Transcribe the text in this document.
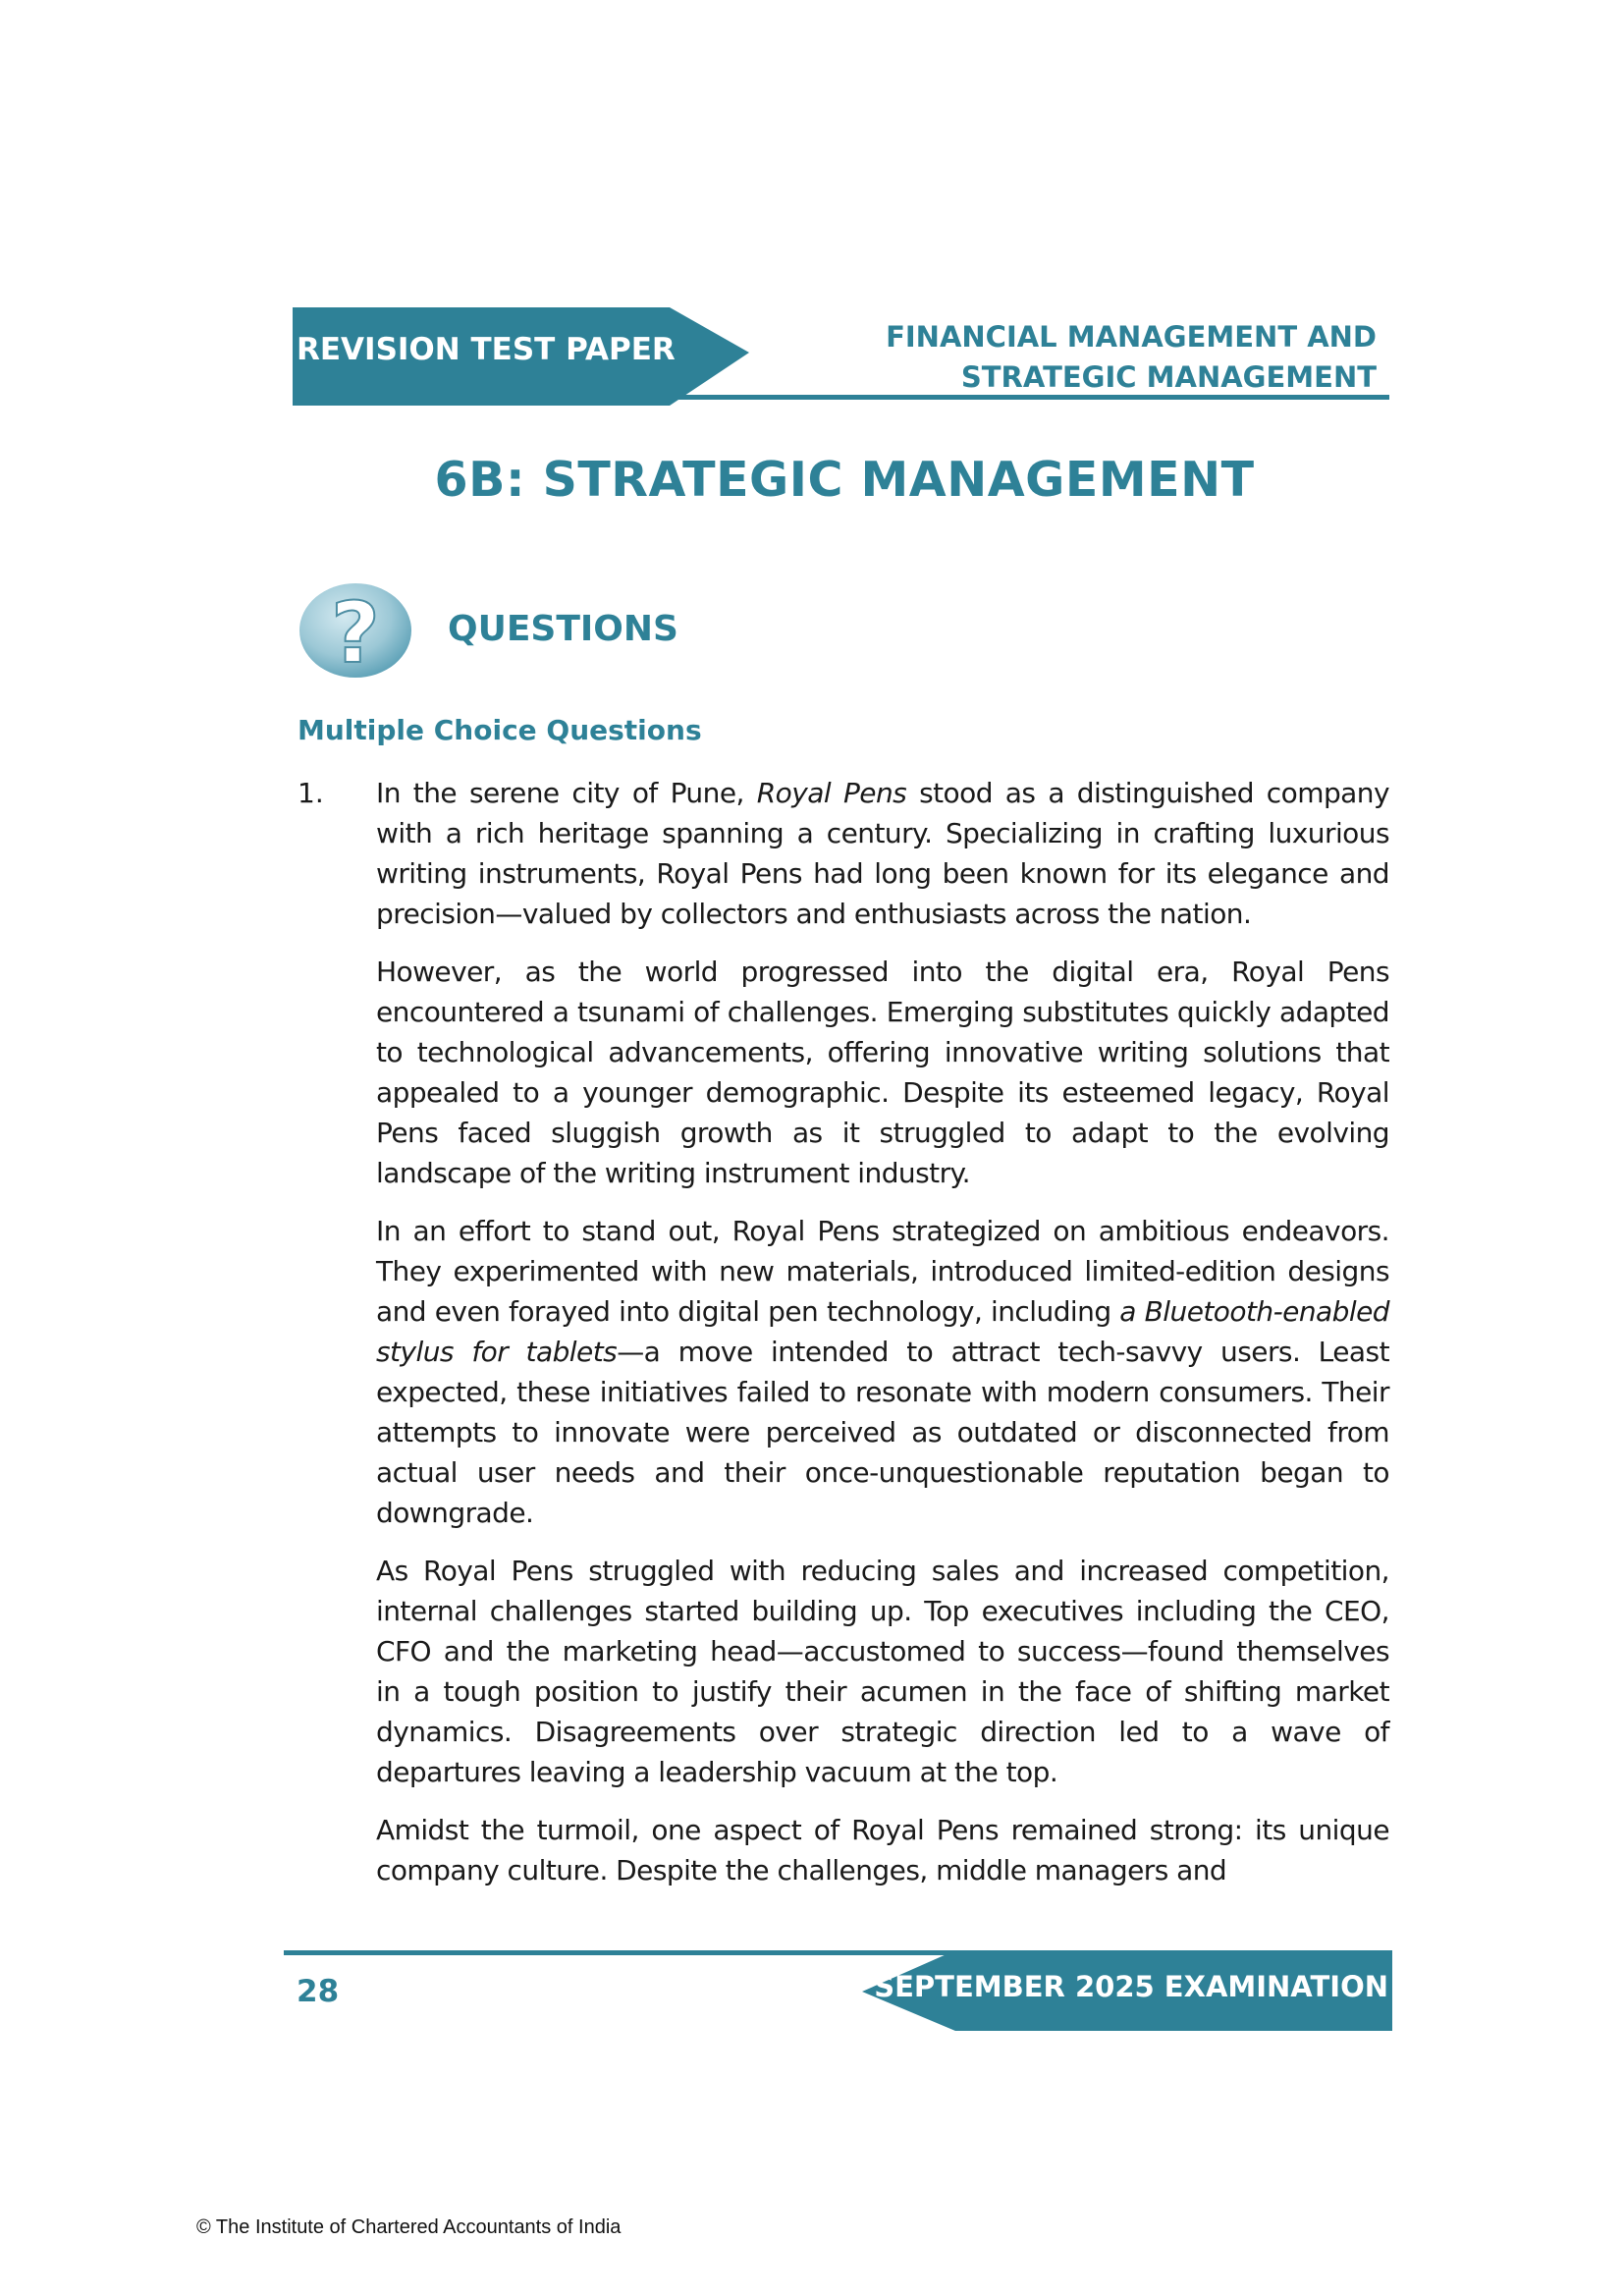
REVISION TEST PAPER	FINANCIAL MANAGEMENT AND
STRATEGIC MANAGEMENT
6B: STRATEGIC MANAGEMENT
? QUESTIONS
Multiple Choice Questions
1. In the serene city of Pune, Royal Pens stood as a distinguished company with a rich heritage spanning a century. Specializing in crafting luxurious writing instruments, Royal Pens had long been known for its elegance and precision—valued by collectors and enthusiasts across the nation.

However, as the world progressed into the digital era, Royal Pens encountered a tsunami of challenges. Emerging substitutes quickly adapted to technological advancements, offering innovative writing solutions that appealed to a younger demographic. Despite its esteemed legacy, Royal Pens faced sluggish growth as it struggled to adapt to the evolving landscape of the writing instrument industry.

In an effort to stand out, Royal Pens strategized on ambitious endeavors. They experimented with new materials, introduced limited-edition designs and even forayed into digital pen technology, including a Bluetooth-enabled stylus for tablets—a move intended to attract tech-savvy users. Least expected, these initiatives failed to resonate with modern consumers. Their attempts to innovate were perceived as outdated or disconnected from actual user needs and their once-unquestionable reputation began to downgrade.

As Royal Pens struggled with reducing sales and increased competition, internal challenges started building up. Top executives including the CEO, CFO and the marketing head—accustomed to success—found themselves in a tough position to justify their acumen in the face of shifting market dynamics. Disagreements over strategic direction led to a wave of departures leaving a leadership vacuum at the top.

Amidst the turmoil, one aspect of Royal Pens remained strong: its unique company culture. Despite the challenges, middle managers and

28	SEPTEMBER 2025 EXAMINATION
© The Institute of Chartered Accountants of India
